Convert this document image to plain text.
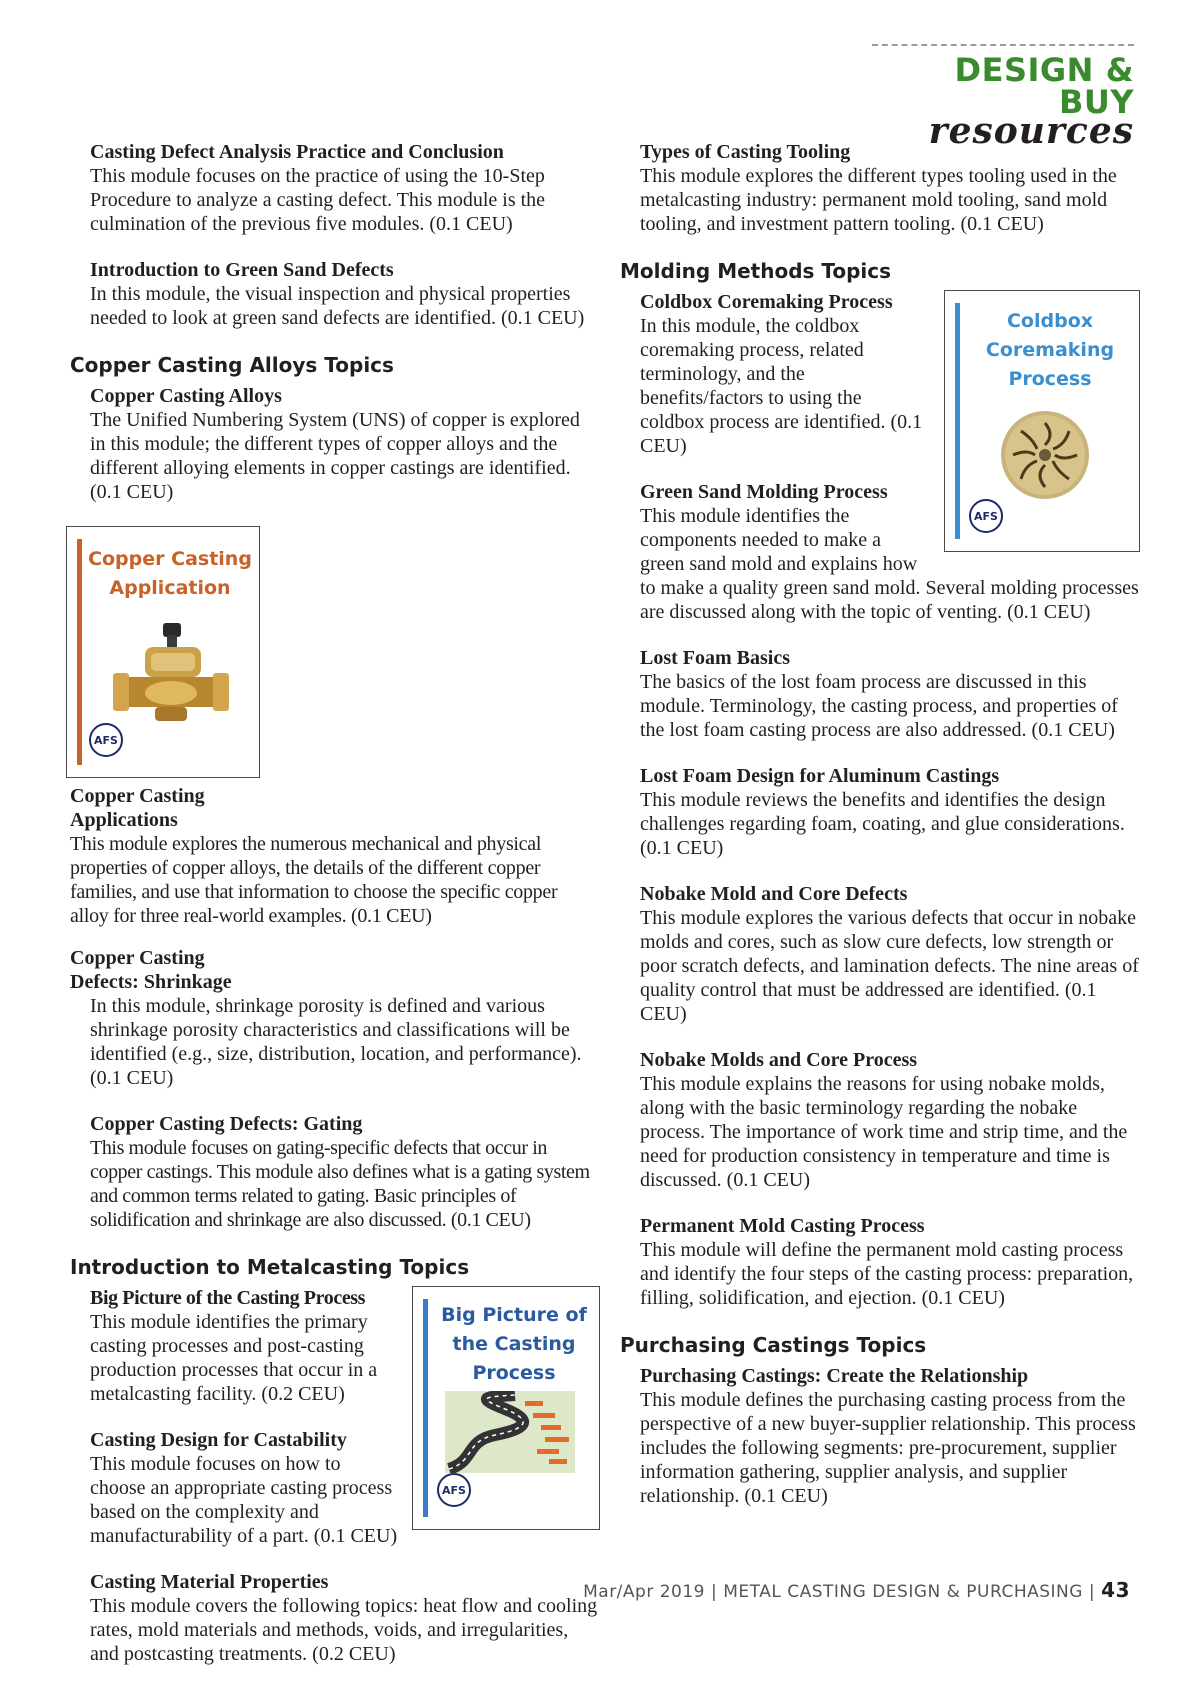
DESIGN & BUY
resources
Casting Defect Analysis Practice and Conclusion
This module focuses on the practice of using the 10-Step Procedure to analyze a casting defect. This module is the culmination of the previous five modules. (0.1 CEU)
Introduction to Green Sand Defects
In this module, the visual inspection and physical properties needed to look at green sand defects are identified. (0.1 CEU)
Copper Casting Alloys Topics
Copper Casting Alloys
The Unified Numbering System (UNS) of copper is explored in this module; the different types of copper alloys and the different alloying elements in copper castings are identified. (0.1 CEU)
Copper Casting Application
AFS
Copper Casting Applications
This module explores the numerous mechanical and physical properties of copper alloys, the details of the different copper families, and use that information to choose the specific copper alloy for three real-world examples. (0.1 CEU)
Copper Casting Defects: Shrinkage
In this module, shrinkage porosity is defined and various shrinkage porosity characteristics and classifications will be identified (e.g., size, distribution, location, and performance). (0.1 CEU)
Copper Casting Defects: Gating
This module focuses on gating-specific defects that occur in copper castings. This module also defines what is a gating system and common terms related to gating. Basic principles of solidification and shrinkage are also discussed. (0.1 CEU)
Introduction to Metalcasting Topics
Big Picture of the Casting Process
AFS
Big Picture of the Casting Process
This module identifies the primary casting processes and post-casting production processes that occur in a metalcasting facility. (0.2 CEU)
Casting Design for Castability
This module focuses on how to choose an appropriate casting process based on the complexity and manufacturability of a part. (0.1 CEU)
Casting Material Properties
This module covers the following topics: heat flow and cooling rates, mold materials and methods, voids, and irregularities, and postcasting treatments. (0.2 CEU)
Types of Casting Tooling
This module explores the different types tooling used in the metalcasting industry: permanent mold tooling, sand mold tooling, and investment pattern tooling. (0.1 CEU)
Molding Methods Topics
Coldbox Coremaking Process
AFS
Coldbox Coremaking Process
In this module, the coldbox coremaking process, related terminology, and the benefits/factors to using the coldbox process are identified. (0.1 CEU)
Green Sand Molding Process
This module identifies the components needed to make a green sand mold and explains how to make a quality green sand mold. Several molding processes are discussed along with the topic of venting. (0.1 CEU)
Lost Foam Basics
The basics of the lost foam process are discussed in this module. Terminology, the casting process, and properties of the lost foam casting process are also addressed. (0.1 CEU)
Lost Foam Design for Aluminum Castings
This module reviews the benefits and identifies the design challenges regarding foam, coating, and glue considerations. (0.1 CEU)
Nobake Mold and Core Defects
This module explores the various defects that occur in nobake molds and cores, such as slow cure defects, low strength or poor scratch defects, and lamination defects. The nine areas of quality control that must be addressed are identified. (0.1 CEU)
Nobake Molds and Core Process
This module explains the reasons for using nobake molds, along with the basic terminology regarding the nobake process. The importance of work time and strip time, and the need for production consistency in temperature and time is discussed. (0.1 CEU)
Permanent Mold Casting Process
This module will define the permanent mold casting process and identify the four steps of the casting process: preparation, filling, solidification, and ejection. (0.1 CEU)
Purchasing Castings Topics
Purchasing Castings: Create the Relationship
This module defines the purchasing casting process from the perspective of a new buyer-supplier relationship. This process includes the following segments: pre-procurement, supplier information gathering, supplier analysis, and supplier relationship. (0.1 CEU)
Mar/Apr 2019 | METAL CASTING DESIGN & PURCHASING | 43
